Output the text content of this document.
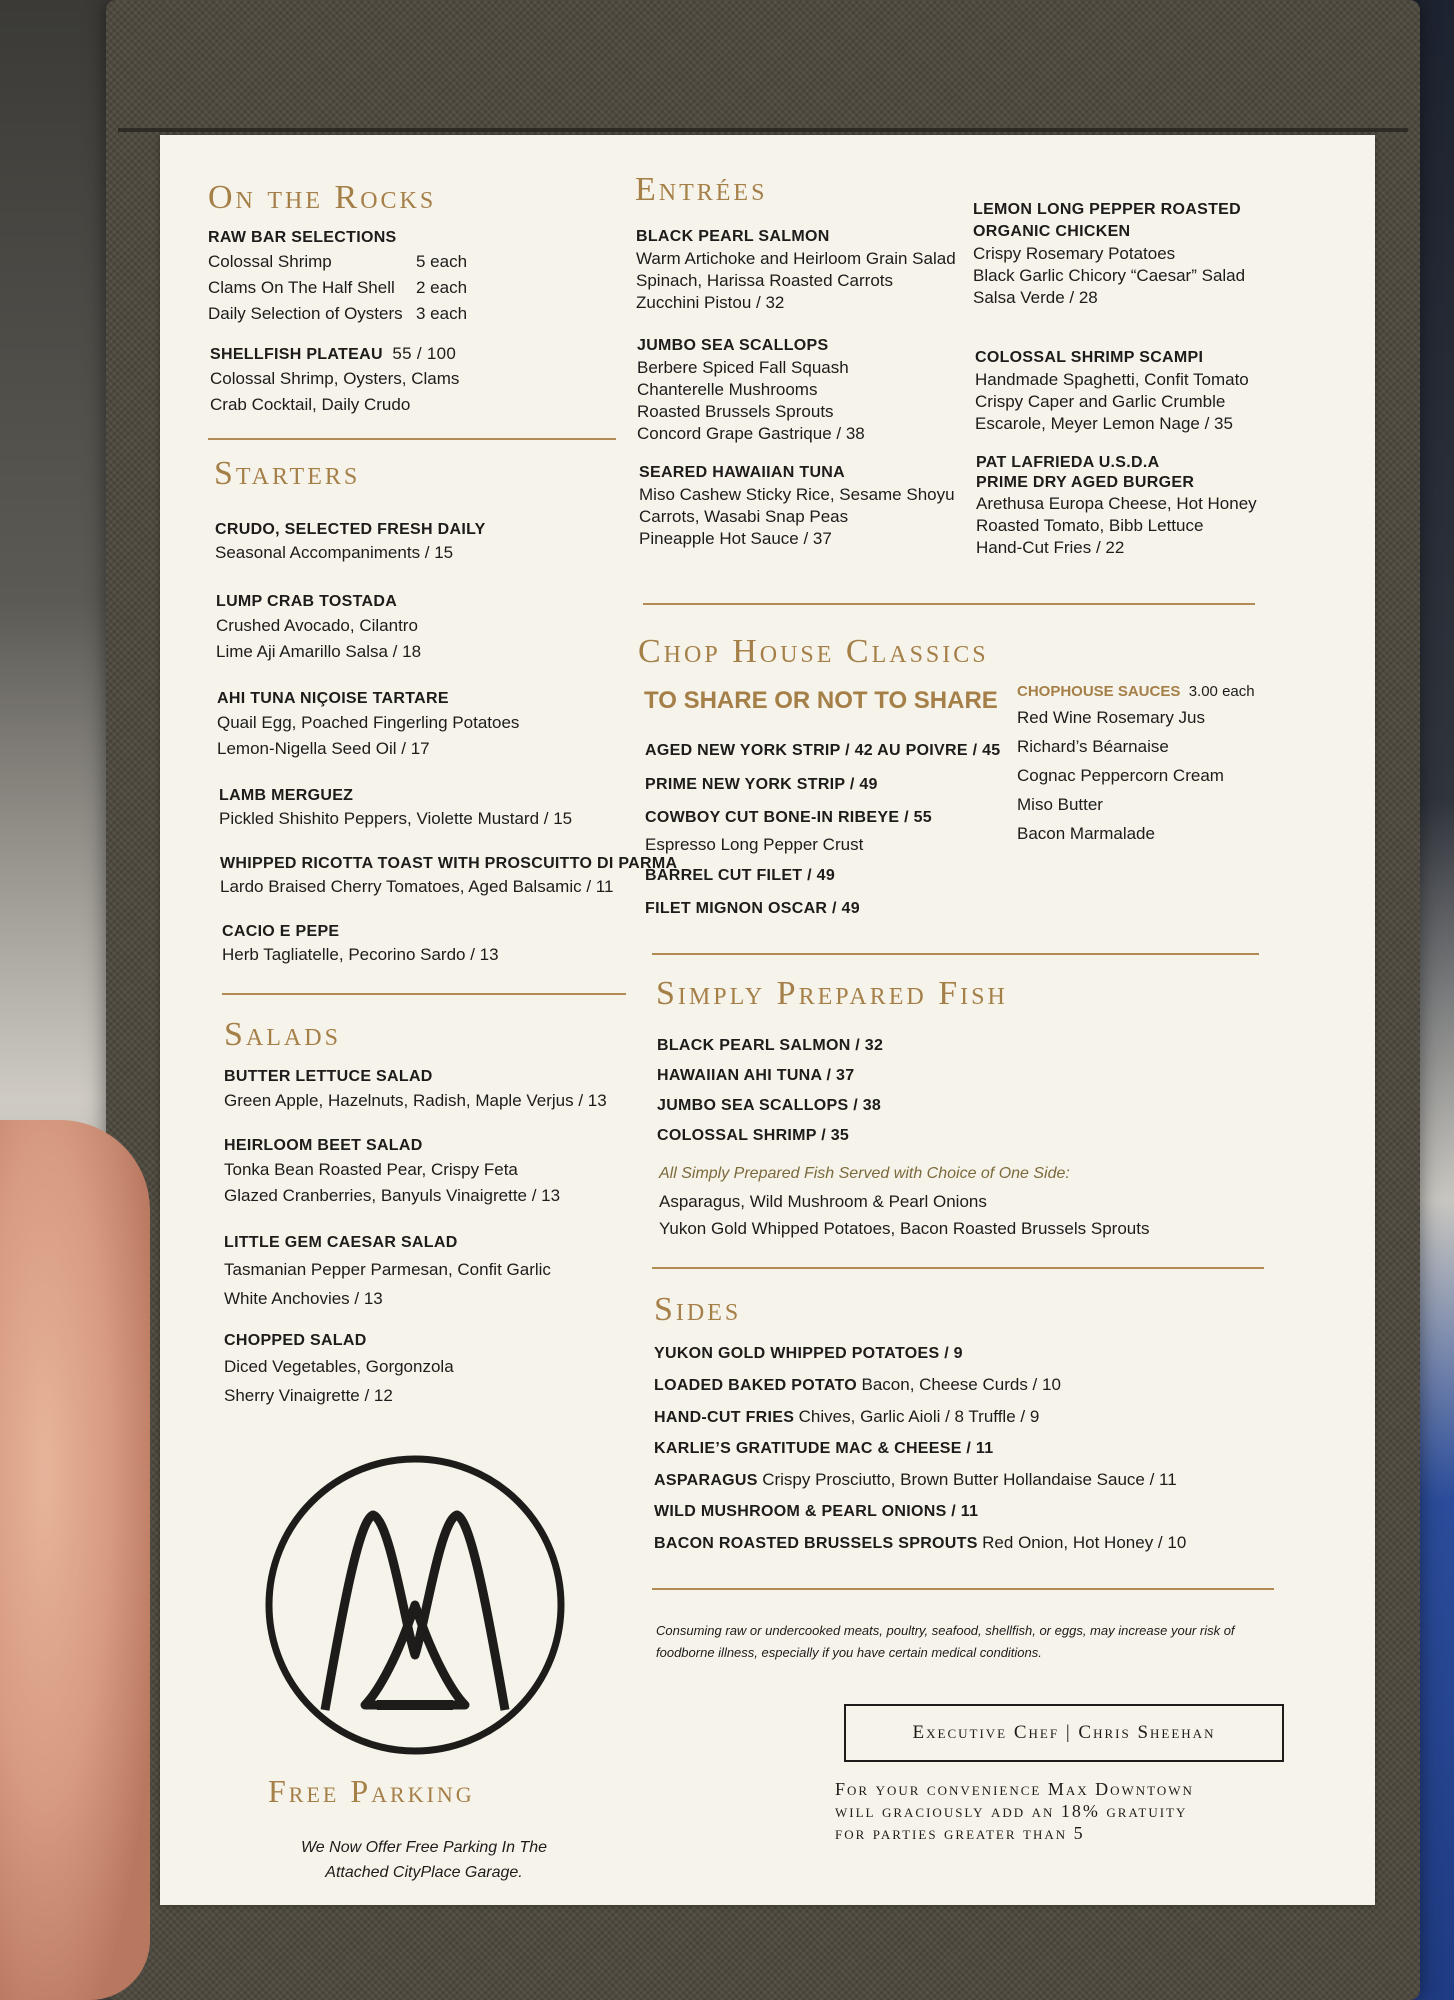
On the Rocks
RAW BAR SELECTIONS
Colossal Shrimp	5 each
Clams On The Half Shell	2 each
Daily Selection of Oysters 3 each
SHELLFISH PLATEAU 55 / 100
Colossal Shrimp, Oysters, Clams
Crab Cocktail, Daily Crudo
Starters
CRUDO, SELECTED FRESH DAILY
Seasonal Accompaniments / 15
LUMP CRAB TOSTADA
Crushed Avocado, Cilantro
Lime Aji Amarillo Salsa / 18
AHI TUNA NIÇOISE TARTARE
Quail Egg, Poached Fingerling Potatoes
Lemon-Nigella Seed Oil / 17
LAMB MERGUEZ
Pickled Shishito Peppers, Violette Mustard / 15
WHIPPED RICOTTA TOAST WITH PROSCUITTO DI PARMA
Lardo Braised Cherry Tomatoes, Aged Balsamic / 11
CACIO E PEPE
Herb Tagliatelle, Pecorino Sardo / 13
Salads
BUTTER LETTUCE SALAD
Green Apple, Hazelnuts, Radish, Maple Verjus / 13
HEIRLOOM BEET SALAD
Tonka Bean Roasted Pear, Crispy Feta
Glazed Cranberries, Banyuls Vinaigrette / 13
LITTLE GEM CAESAR SALAD
Tasmanian Pepper Parmesan, Confit Garlic
White Anchovies / 13
CHOPPED SALAD
Diced Vegetables, Gorgonzola
Sherry Vinaigrette / 12
Free Parking
We Now Offer Free Parking In The
Attached CityPlace Garage.
Entrées
BLACK PEARL SALMON
Warm Artichoke and Heirloom Grain Salad
Spinach, Harissa Roasted Carrots
Zucchini Pistou / 32
JUMBO SEA SCALLOPS
Berbere Spiced Fall Squash
Chanterelle Mushrooms
Roasted Brussels Sprouts
Concord Grape Gastrique / 38
SEARED HAWAIIAN TUNA
Miso Cashew Sticky Rice, Sesame Shoyu
Carrots, Wasabi Snap Peas
Pineapple Hot Sauce / 37
LEMON LONG PEPPER ROASTED
ORGANIC CHICKEN
Crispy Rosemary Potatoes
Black Garlic Chicory “Caesar” Salad
Salsa Verde / 28
COLOSSAL SHRIMP SCAMPI
Handmade Spaghetti, Confit Tomato
Crispy Caper and Garlic Crumble
Escarole, Meyer Lemon Nage / 35
PAT LAFRIEDA U.S.D.A
PRIME DRY AGED BURGER
Arethusa Europa Cheese, Hot Honey
Roasted Tomato, Bibb Lettuce
Hand-Cut Fries / 22
Chop House Classics
TO SHARE OR NOT TO SHARE
AGED NEW YORK STRIP / 42 AU POIVRE / 45
PRIME NEW YORK STRIP / 49
COWBOY CUT BONE-IN RIBEYE / 55
Espresso Long Pepper Crust
BARREL CUT FILET / 49
FILET MIGNON OSCAR / 49
CHOPHOUSE SAUCES 3.00 each
Red Wine Rosemary Jus
Richard’s Béarnaise
Cognac Peppercorn Cream
Miso Butter
Bacon Marmalade
Simply Prepared Fish
BLACK PEARL SALMON / 32
HAWAIIAN AHI TUNA / 37
JUMBO SEA SCALLOPS / 38
COLOSSAL SHRIMP / 35
All Simply Prepared Fish Served with Choice of One Side:
Asparagus, Wild Mushroom & Pearl Onions
Yukon Gold Whipped Potatoes, Bacon Roasted Brussels Sprouts
Sides
YUKON GOLD WHIPPED POTATOES / 9
LOADED BAKED POTATO Bacon, Cheese Curds / 10
HAND-CUT FRIES Chives, Garlic Aioli / 8 Truffle / 9
KARLIE’S GRATITUDE MAC & CHEESE / 11
ASPARAGUS Crispy Prosciutto, Brown Butter Hollandaise Sauce / 11
WILD MUSHROOM & PEARL ONIONS / 11
BACON ROASTED BRUSSELS SPROUTS Red Onion, Hot Honey / 10
Consuming raw or undercooked meats, poultry, seafood, shellfish, or eggs, may increase your risk of
foodborne illness, especially if you have certain medical conditions.
Executive Chef | Chris Sheehan
For your convenience Max Downtown
will graciously add an 18% gratuity
for parties greater than 5
